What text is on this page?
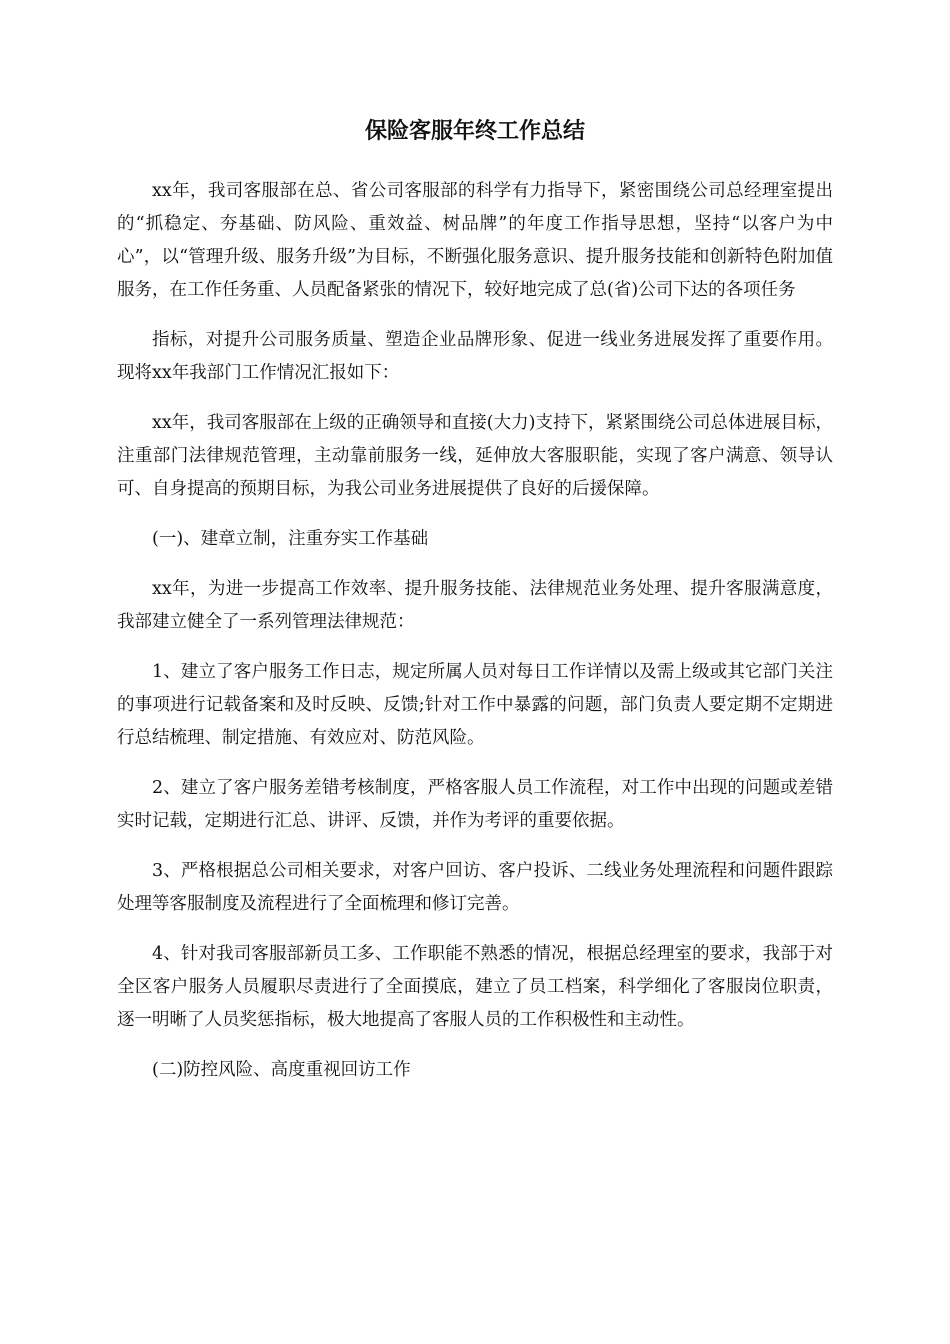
保险客服年终工作总结

xx年，我司客服部在总、省公司客服部的科学有力指导下，紧密围绕公司总经理室提出的“抓稳定、夯基础、防风险、重效益、树品牌”的年度工作指导思想，坚持“以客户为中心”，以“管理升级、服务升级”为目标，不断强化服务意识、提升服务技能和创新特色附加值服务，在工作任务重、人员配备紧张的情况下，较好地完成了总(省)公司下达的各项任务

指标，对提升公司服务质量、塑造企业品牌形象、促进一线业务进展发挥了重要作用。现将xx年我部门工作情况汇报如下：

xx年，我司客服部在上级的正确领导和直接(大力)支持下，紧紧围绕公司总体进展目标，注重部门法律规范管理，主动靠前服务一线，延伸放大客服职能，实现了客户满意、领导认可、自身提高的预期目标，为我公司业务进展提供了良好的后援保障。

(一)、建章立制，注重夯实工作基础

xx年，为进一步提高工作效率、提升服务技能、法律规范业务处理、提升客服满意度，我部建立健全了一系列管理法律规范：

1、建立了客户服务工作日志，规定所属人员对每日工作详情以及需上级或其它部门关注的事项进行记载备案和及时反映、反馈;针对工作中暴露的问题，部门负责人要定期不定期进行总结梳理、制定措施、有效应对、防范风险。

2、建立了客户服务差错考核制度，严格客服人员工作流程，对工作中出现的问题或差错实时记载，定期进行汇总、讲评、反馈，并作为考评的重要依据。

3、严格根据总公司相关要求，对客户回访、客户投诉、二线业务处理流程和问题件跟踪处理等客服制度及流程进行了全面梳理和修订完善。

4、针对我司客服部新员工多、工作职能不熟悉的情况，根据总经理室的要求，我部于对全区客户服务人员履职尽责进行了全面摸底，建立了员工档案，科学细化了客服岗位职责，逐一明晰了人员奖惩指标，极大地提高了客服人员的工作积极性和主动性。

(二)防控风险、高度重视回访工作
